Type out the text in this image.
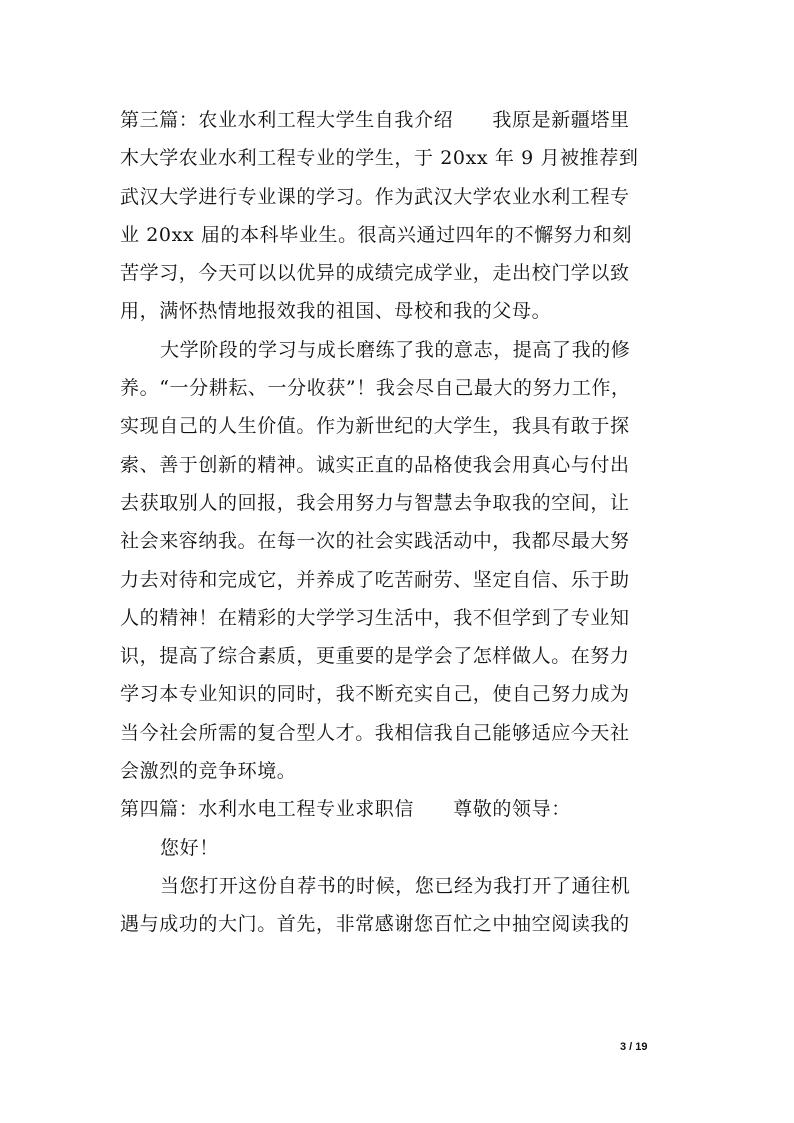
第三篇：农业水利工程大学生自我介绍　　我原是新疆塔里
木大学农业水利工程专业的学生，于 20xx 年 9 月被推荐到
武汉大学进行专业课的学习。作为武汉大学农业水利工程专
业 20xx 届的本科毕业生。很高兴通过四年的不懈努力和刻
苦学习，今天可以以优异的成绩完成学业，走出校门学以致
用，满怀热情地报效我的祖国、母校和我的父母。
大学阶段的学习与成长磨练了我的意志，提高了我的修
养。“一分耕耘、一分收获”！我会尽自己最大的努力工作，
实现自己的人生价值。作为新世纪的大学生，我具有敢于探
索、善于创新的精神。诚实正直的品格使我会用真心与付出
去获取别人的回报，我会用努力与智慧去争取我的空间，让
社会来容纳我。在每一次的社会实践活动中，我都尽最大努
力去对待和完成它，并养成了吃苦耐劳、坚定自信、乐于助
人的精神！在精彩的大学学习生活中，我不但学到了专业知
识，提高了综合素质，更重要的是学会了怎样做人。在努力
学习本专业知识的同时，我不断充实自己，使自己努力成为
当今社会所需的复合型人才。我相信我自己能够适应今天社
会激烈的竞争环境。
第四篇：水利水电工程专业求职信　　尊敬的领导：
您好！
当您打开这份自荐书的时候，您已经为我打开了通往机
遇与成功的大门。首先，非常感谢您百忙之中抽空阅读我的
3 / 19
